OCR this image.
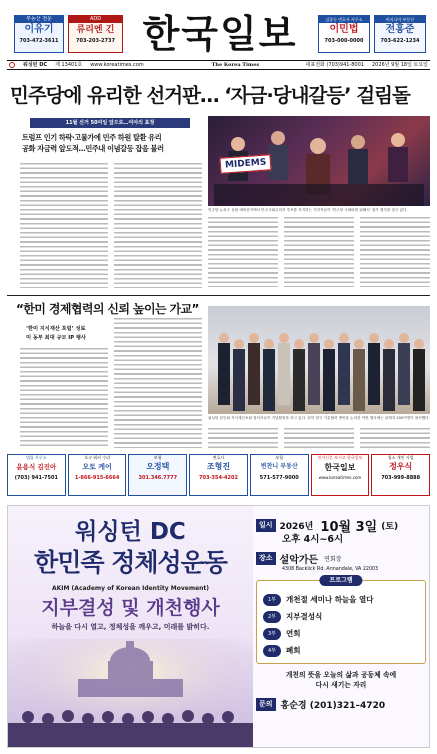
부동산 전문
이유기
703-472-3611
ADD
류리엔 긴
703-203-2737 한국일보	김종숙 변호사 사무소
이민법
703-000-0000
버지니아 부동산
전홍준
703-622-1234
워싱턴 DC 제 13401호 www.koreatimes.com	The Korea Times	대표전화 (703)941-8001 2026년 9월 18일 토요일
민주당에 유리한 선거판… ‘자금·당내갈등’ 걸림돌
11월 선거 50여일 앞으로…여야의 표정
트럼프 인기 하락·고물가에 민주 하원 탈환 유리
공화 자금력 앞도적…민주내 이념갈등 잡음 불러
MIDEMS
민주당 뉴욕주 상원 예비선거에서 민주사회주의자 후보를 지지하는 지지자들이 '민주당 극좌파를 위해서' 참가 행사를 갖고 있다.
“한미 경제협력의 신뢰 높이는 가교”
‘한미 지식재산 포럼’ 성료
미 동부 최대 규모 IP 행사
워싱턴 한인회 지식재산포럼 참석자들이 기념촬영을 하고 있다. 한미 양국 기술협력 방안을 논의한 이번 행사에는 관계자 200여명이 참석했다.
법률 사무소
윤용식 김진아
(703) 941-7501
오크 워커 수리
오토 케어
1-866-915-6664
보험
오정택
301.346.7777
변호사
조형진
703-354-4202
보험
변찬니 부동산
571-577-9000
전자신문 보시고 한국일보
한국일보
www.koreatimes.com
청소 개인 사업
정우식
703-999-8888
워싱턴 DC
한민족 정체성운동
AKIM (Academy of Korean Identity Movement)
지부결성 및 개천행사
하늘을 다시 열고, 정체성을 깨우고, 미래를 밝히다.
일시 2026년 10월 3일 (토)
오후 4시~6시
장소 설악가든 연회장
4308 Backlick Rd. Annandale, VA 22003
프로그램
1부	개천절 세미나 하늘을 열다
2부	지부결성식
3부	연회
4부	폐회
개천의 뜻을 오늘의 삶과 공동체 속에
다시 새기는 자리
문의 홍순경 (201)321–4720
